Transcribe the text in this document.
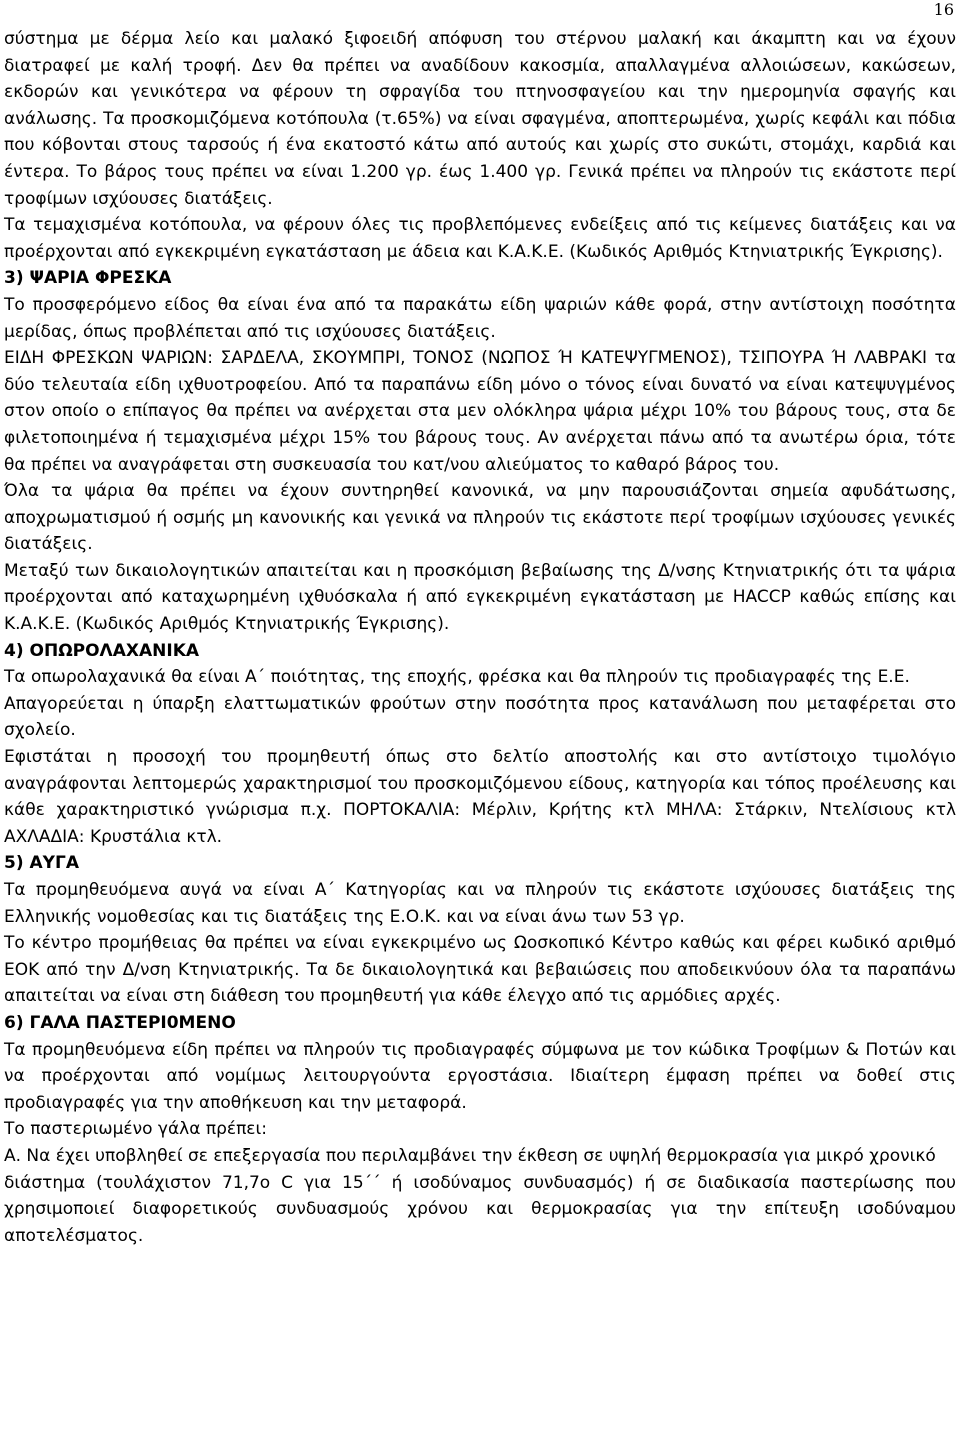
16

σύστημα με δέρμα λείο και μαλακό ξιφοειδή απόφυση του στέρνου μαλακή και άκαμπτη και να έχουν διατραφεί με καλή τροφή. Δεν θα πρέπει να αναδίδουν κακοσμία, απαλλαγμένα αλλοιώσεων, κακώσεων, εκδορών και γενικότερα να φέρουν τη σφραγίδα του πτηνοσφαγείου και την ημερομηνία σφαγής και ανάλωσης. Τα προσκομιζόμενα κοτόπουλα (τ.65%) να είναι σφαγμένα, αποπτερωμένα, χωρίς κεφάλι και πόδια που κόβονται στους ταρσούς ή ένα εκατοστό κάτω από αυτούς και χωρίς στο συκώτι, στομάχι, καρδιά και έντερα. Το βάρος τους πρέπει να είναι 1.200 γρ. έως 1.400 γρ. Γενικά πρέπει να πληρούν τις εκάστοτε περί τροφίμων ισχύουσες διατάξεις.

Τα τεμαχισμένα κοτόπουλα, να φέρουν όλες τις προβλεπόμενες ενδείξεις από τις κείμενες διατάξεις και να προέρχονται από εγκεκριμένη εγκατάσταση με άδεια και Κ.Α.Κ.Ε. (Κωδικός Αριθμός Κτηνιατρικής Έγκρισης).

3) ΨΑΡΙΑ ΦΡΕΣΚΑ

Το προσφερόμενο είδος θα είναι ένα από τα παρακάτω είδη ψαριών κάθε φορά, στην αντίστοιχη ποσότητα μερίδας, όπως προβλέπεται από τις ισχύουσες διατάξεις.

ΕΙΔΗ ΦΡΕΣΚΩΝ ΨΑΡΙΩΝ: ΣΑΡΔΕΛΑ, ΣΚΟΥΜΠΡΙ, ΤΟΝΟΣ (ΝΩΠΟΣ Ή ΚΑΤΕΨΥΓΜΕΝΟΣ), ΤΣΙΠΟΥΡΑ Ή ΛΑΒΡΑΚΙ τα δύο τελευταία είδη ιχθυοτροφείου. Από τα παραπάνω είδη μόνο ο τόνος είναι δυνατό να είναι κατεψυγμένος στον οποίο ο επίπαγος θα πρέπει να ανέρχεται στα μεν ολόκληρα ψάρια μέχρι 10% του βάρους τους, στα δε φιλετοποιημένα ή τεμαχισμένα μέχρι 15% του βάρους τους. Αν ανέρχεται πάνω από τα ανωτέρω όρια, τότε θα πρέπει να αναγράφεται στη συσκευασία του κατ/νου αλιεύματος το καθαρό βάρος του.

Όλα τα ψάρια θα πρέπει να έχουν συντηρηθεί κανονικά, να μην παρουσιάζονται σημεία αφυδάτωσης, αποχρωματισμού ή οσμής μη κανονικής και γενικά να πληρούν τις εκάστοτε περί τροφίμων ισχύουσες γενικές διατάξεις.

Μεταξύ των δικαιολογητικών απαιτείται και η προσκόμιση βεβαίωσης της Δ/νσης Κτηνιατρικής ότι τα ψάρια προέρχονται από καταχωρημένη ιχθυόσκαλα ή από εγκεκριμένη εγκατάσταση με HACCP καθώς επίσης και Κ.Α.Κ.Ε. (Κωδικός Αριθμός Κτηνιατρικής Έγκρισης).

4) ΟΠΩΡΟΛΑΧΑΝΙΚΑ

Τα οπωρολαχανικά θα είναι Α΄ ποιότητας, της εποχής, φρέσκα και θα πληρούν τις προδιαγραφές της Ε.Ε.

Απαγορεύεται η ύπαρξη ελαττωματικών φρούτων στην ποσότητα προς κατανάλωση που μεταφέρεται στο σχολείο.

Εφιστάται η προσοχή του προμηθευτή όπως στο δελτίο αποστολής και στο αντίστοιχο τιμολόγιο αναγράφονται λεπτομερώς χαρακτηρισμοί του προσκομιζόμενου είδους, κατηγορία και τόπος προέλευσης και κάθε χαρακτηριστικό γνώρισμα π.χ. ΠΟΡΤΟΚΑΛΙΑ: Μέρλιν, Κρήτης κτλ ΜΗΛΑ: Στάρκιν, Ντελίσιους κτλ ΑΧΛΑΔΙΑ: Κρυστάλια κτλ.

5) ΑΥΓΑ

Τα προμηθευόμενα αυγά να είναι Α΄ Κατηγορίας και να πληρούν τις εκάστοτε ισχύουσες διατάξεις της Ελληνικής νομοθεσίας και τις διατάξεις της Ε.Ο.Κ. και να είναι άνω των 53 γρ.

Το κέντρο προμήθειας θα πρέπει να είναι εγκεκριμένο ως Ωοσκοπικό Κέντρο καθώς και φέρει κωδικό αριθμό ΕΟΚ από την Δ/νση Κτηνιατρικής. Τα δε δικαιολογητικά και βεβαιώσεις που αποδεικνύουν όλα τα παραπάνω απαιτείται να είναι στη διάθεση του προμηθευτή για κάθε έλεγχο από τις αρμόδιες αρχές.

6) ΓΑΛΑ ΠΑΣΤΕΡΙ0ΜΕΝΟ

Τα προμηθευόμενα είδη πρέπει να πληρούν τις προδιαγραφές σύμφωνα με τον κώδικα Τροφίμων & Ποτών και να προέρχονται από νομίμως λειτουργούντα εργοστάσια. Ιδιαίτερη έμφαση πρέπει να δοθεί στις προδιαγραφές για την αποθήκευση και την μεταφορά.

Το παστεριωμένο γάλα πρέπει:

Α. Να έχει υποβληθεί σε επεξεργασία που περιλαμβάνει την έκθεση σε υψηλή θερμοκρασία για μικρό χρονικό

διάστημα (τουλάχιστον 71,7o C για 15΄΄ ή ισοδύναμος συνδυασμός) ή σε διαδικασία παστερίωσης που χρησιμοποιεί διαφορετικούς συνδυασμούς χρόνου και θερμοκρασίας για την επίτευξη ισοδύναμου αποτελέσματος.
